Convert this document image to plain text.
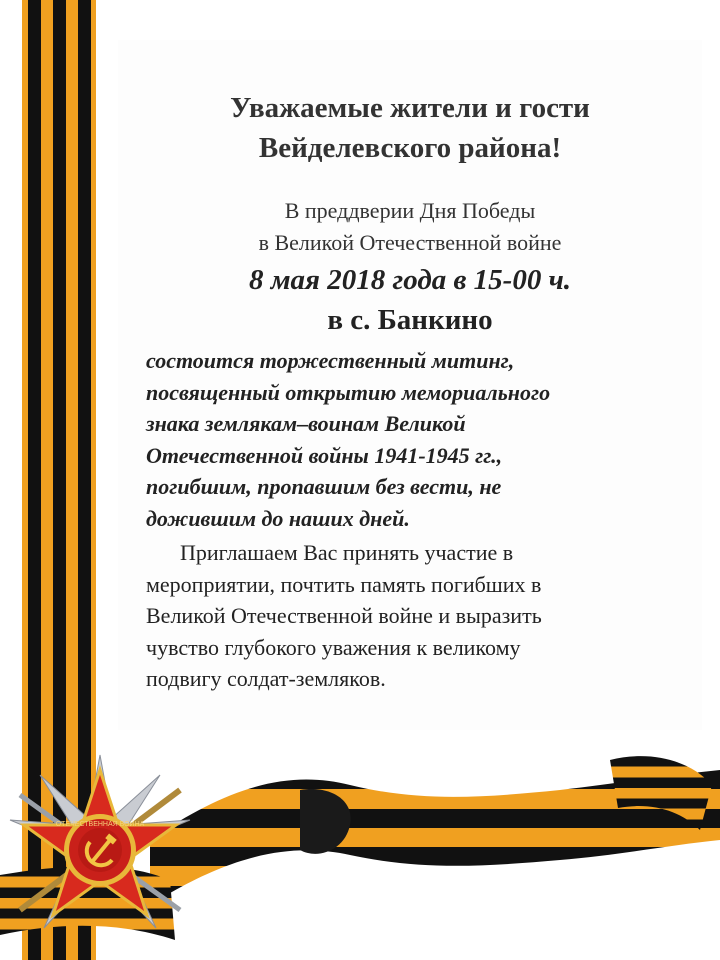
Уважаемые жители и гости
Вейделевского района!
В преддверии Дня Победы
в Великой Отечественной войне
8 мая 2018 года в 15-00 ч.
в с. Банкино
состоится торжественный митинг,
посвященный открытию мемориального
знака землякам–воинам Великой
Отечественной войны 1941-1945 гг.,
погибшим, пропавшим без вести, не
дожившим до наших дней.
Приглашаем Вас принять участие в
мероприятии, почтить память погибших в
Великой Отечественной войне и выразить
чувство глубокого уважения к великому
подвигу солдат-земляков.
ОТЕЧЕСТВЕННАЯ ВОЙНА
